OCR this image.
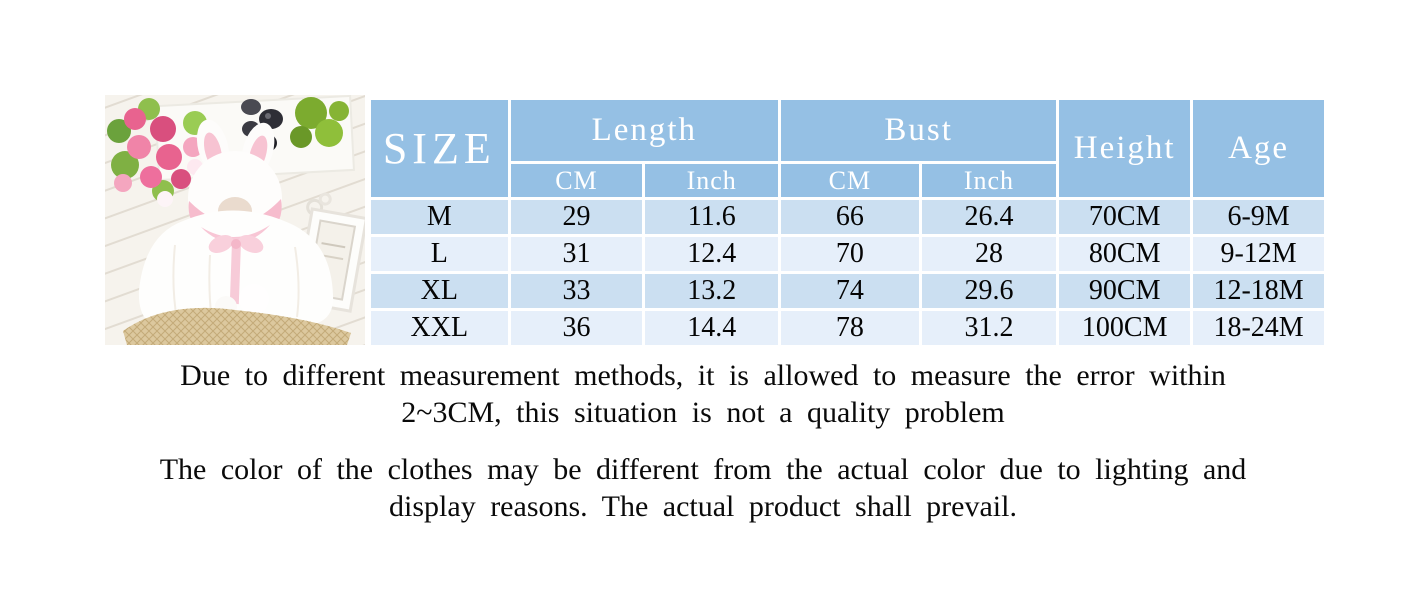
SIZE	Length		Bust		Height	Age
	CM	Inch	CM	Inch		
M	29	11.6	66	26.4	70CM	6-9M
L	31	12.4	70	28	80CM	9-12M
XL	33	13.2	74	29.6	90CM	12-18M
XXL	36	14.4	78	31.2	100CM	18-24M
Due to different measurement methods, it is allowed to measure the error within
2~3CM, this situation is not a quality problem
The color of the clothes may be different from the actual color due to lighting and
display reasons. The actual product shall prevail.
